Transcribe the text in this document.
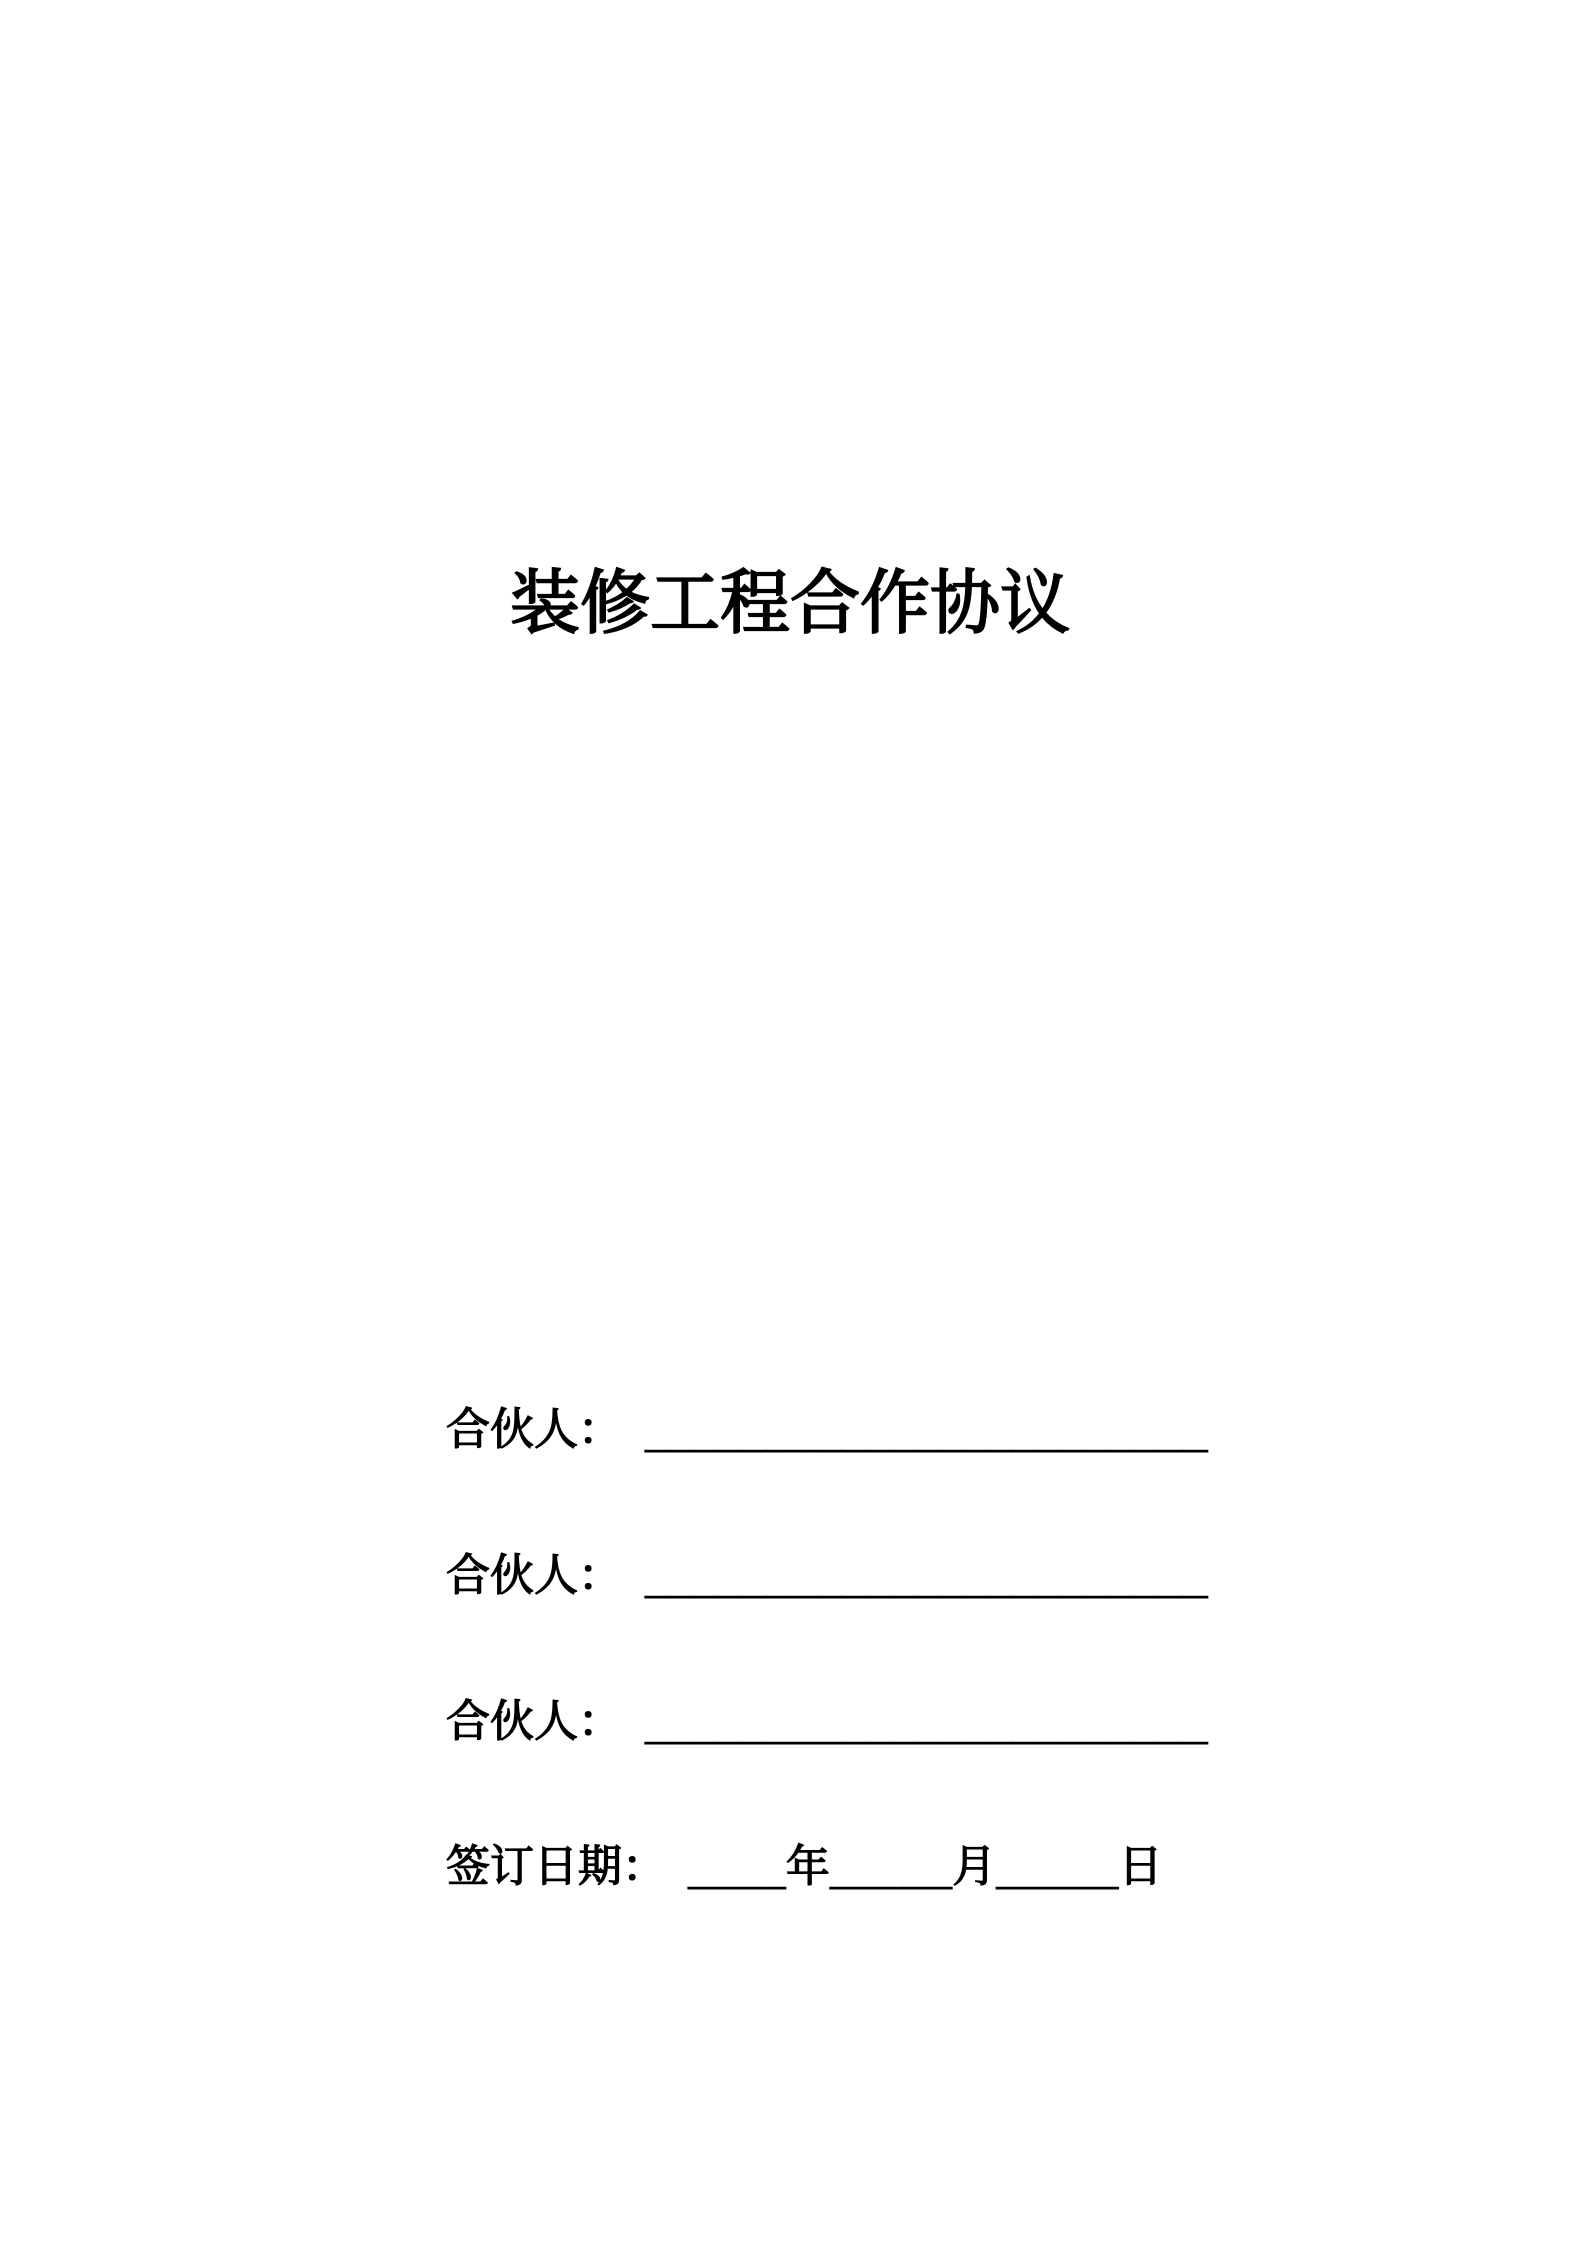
装修工程合作协议
合伙人： _______________________
合伙人： _______________________
合伙人： _______________________
签订日期： ____年_____月_____日
